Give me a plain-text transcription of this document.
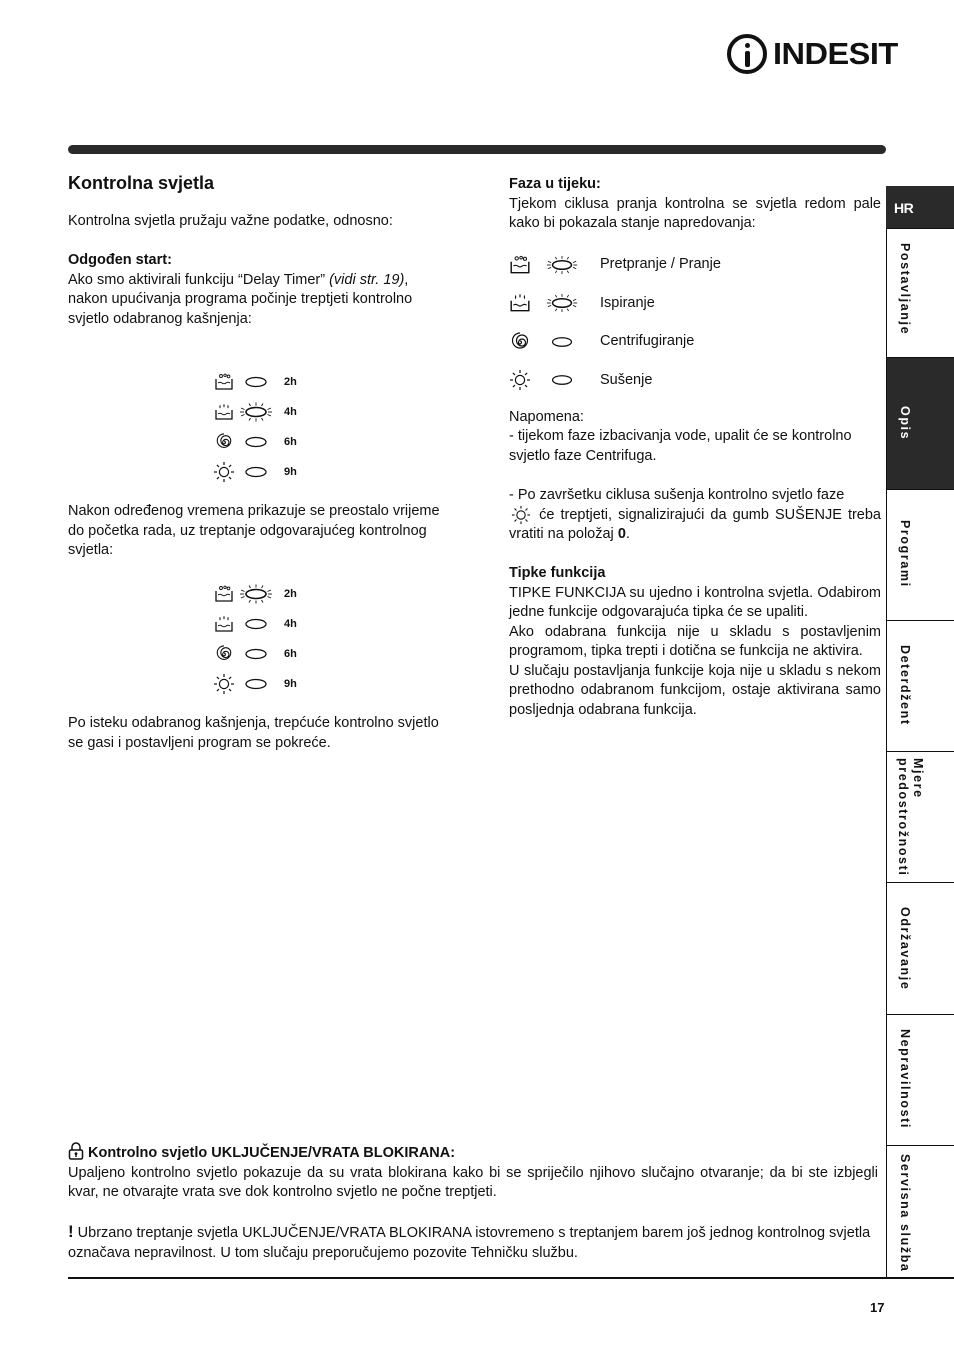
INDESIT
HR
Postavljanje
Opis
Programi
Deterdžent
Mjere
predostrožnosti
Održavanje
Nepravilnosti
Servisna služba
Kontrolna svjetla

Kontrolna svjetla pružaju važne podatke, odnosno:

Odgođen start:

Ako smo aktivirali funkciju “Delay Timer” (vidi str. 19), nakon upućivanja programa počinje treptjeti kontrolno svjetlo odabranog kašnjenja:

2h
4h
6h
9h

Nakon određenog vremena prikazuje se preostalo vrijeme do početka rada, uz treptanje odgovarajućeg kontrolnog svjetla:

2h
4h
6h
9h

Po isteku odabranog kašnjenja, trepćuće kontrolno svjetlo se gasi i postavljeni program se pokreće.

Faza u tijeku:

Tjekom ciklusa pranja kontrolna se svjetla redom pale kako bi pokazala stanje napredovanja:

Pretpranje / Pranje
Ispiranje
Centrifugiranje
Sušenje

Napomena:

- tijekom faze izbacivanja vode, upalit će se kontrolno svjetlo faze Centrifuga.

- Po završetku ciklusa sušenja kontrolno svjetlo faze
će treptjeti, signalizirajući da gumb SUŠENJE treba vratiti na položaj 0.

Tipke funkcija

TIPKE FUNKCIJA su ujedno i kontrolna svjetla. Odabirom jedne funkcije odgovarajuća tipka će se upaliti.

Ako odabrana funkcija nije u skladu s postavljenim programom, tipka trepti i dotična se funkcija ne aktivira.

U slučaju postavljanja funkcije koja nije u skladu s nekom prethodno odabranom funkcijom, ostaje aktivirana samo posljednja odabrana funkcija.

Kontrolno svjetlo UKLJUČENJE/VRATA BLOKIRANA:

Upaljeno kontrolno svjetlo pokazuje da su vrata blokirana kako bi se spriječilo njihovo slučajno otvaranje; da bi ste izbjegli kvar, ne otvarajte vrata sve dok kontrolno svjetlo ne počne treptjeti.

! Ubrzano treptanje svjetla UKLJUČENJE/VRATA BLOKIRANA istovremeno s treptanjem barem još jednog kontrolnog svjetla označava nepravilnost. U tom slučaju preporučujemo pozovite Tehničku službu.

17
